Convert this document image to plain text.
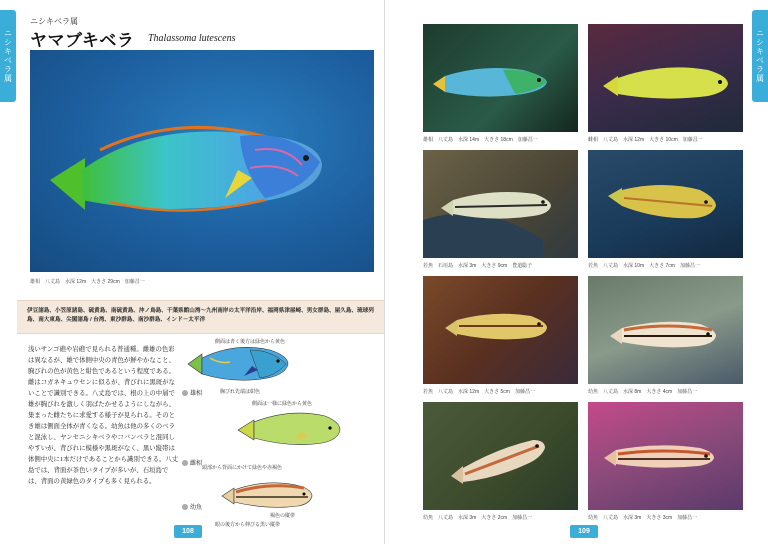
ニシキベラ属
ニシキベラ属
ヤマブキベラ Thalassoma lutescens
雄相　八丈島　水深 12m　大きさ 29cm　加藤昌一
伊豆諸島、小笠原諸島、硫黄島、南硫黄島、沖ノ鳥島、千葉県館山湾～九州南岸の太平洋沿岸、福岡県津屋崎、男女群島、屋久島、琉球列島、南大東島、尖閣諸島 / 台湾、東沙群島、南沙群島、インド－太平洋
浅いサンゴ礁や岩礁で見られる普通種。雌雄の色彩は異なるが、雄で体側中央の青色が鮮やかなこと、胸びれの色が黄色と紺色であるという程度である。雌はコガネキュウセンに似るが、背びれに黒斑がないことで識別できる。八丈島では、根の上の中層で雄が胸びれを激しく羽ばたかせるようにしながら、集まった雌たちに求愛する様子が見られる。そのとき雄は側面全体が青くなる。幼魚は他の多くのベラと混泳し、ヤンセニシキベラやコバンベラと混同しやすいが、背びれに模様や黒斑がなく、黒い縦帯は体側中央に1本だけであることから識別できる。八丈島では、背面が茶色いタイプが多いが、石垣島では、背面の黄緑色のタイプも多く見られる。
側面は青く後方は緑色から黄色
胸びれ先端は紺色
側面は一様に緑色から黄色
頭部から背面にかけて緑色や赤褐色
褐色の縦帯
眼の後方から伸びる黒い縦帯
雄相
雌相
幼魚
108
ニシキベラ属
雄相　八丈島　水深 14m　大きさ 18cm　加藤昌一	雌相　八丈島　水深 12m　大きさ 10cm　加藤昌一
若魚　石垣島　水深 3m　大きさ 9cm　豊道聡子	若魚　八丈島　水深 10m　大きさ 7cm　加藤昌一
若魚　八丈島　水深 12m　大きさ 5cm　加藤昌一	幼魚　八丈島　水深 8m　大きさ 4cm　加藤昌一
幼魚　八丈島　水深 3m　大きさ 2cm　加藤昌一	幼魚　八丈島　水深 3m　大きさ 3cm　加藤昌一
109
